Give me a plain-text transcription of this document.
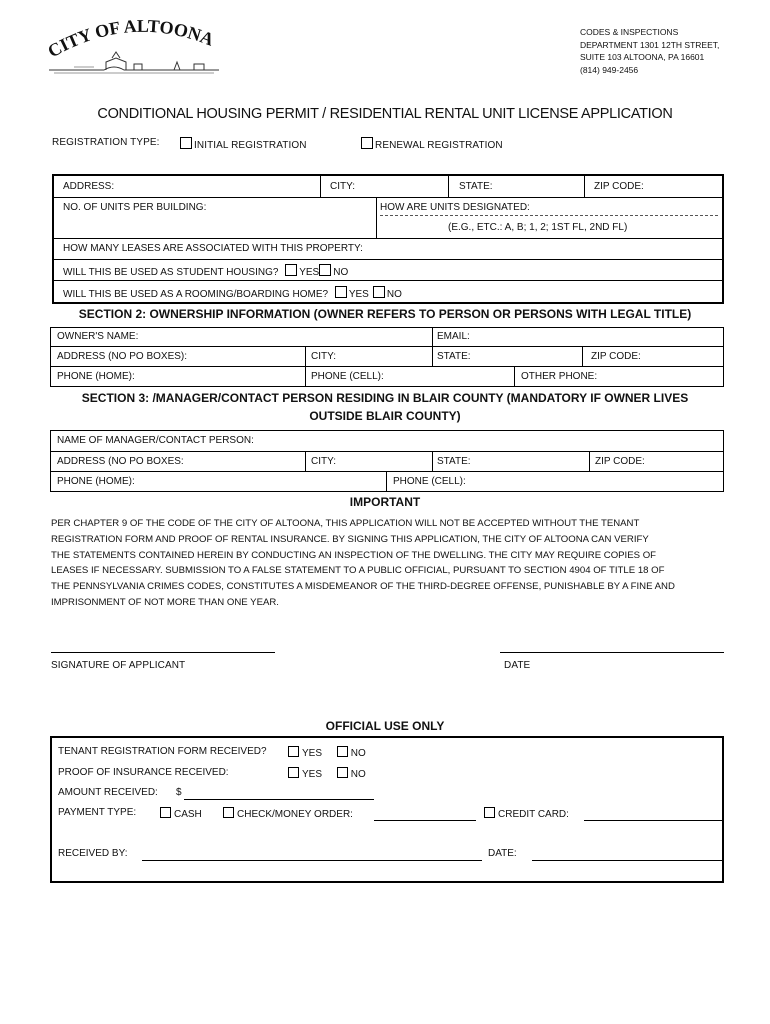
CITY OF ALTOONA	CODES & INSPECTIONS
DEPARTMENT 1301 12TH STREET,
SUITE 103 ALTOONA, PA 16601
(814) 949-2456
CONDITIONAL HOUSING PERMIT / RESIDENTIAL RENTAL UNIT LICENSE APPLICATION
REGISTRATION TYPE:	INITIAL REGISTRATION	RENEWAL REGISTRATION
ADDRESS:	CITY:	STATE:	ZIP CODE:
NO. OF UNITS PER BUILDING:	HOW ARE UNITS DESIGNATED:
(E.G., ETC.: A, B; 1, 2; 1ST FL, 2ND FL)
HOW MANY LEASES ARE ASSOCIATED WITH THIS PROPERTY:
WILL THIS BE USED AS STUDENT HOUSING? YES NO
WILL THIS BE USED AS A ROOMING/BOARDING HOME? YES NO
SECTION 2: OWNERSHIP INFORMATION (OWNER REFERS TO PERSON OR PERSONS WITH LEGAL TITLE)
OWNER'S NAME:	EMAIL:
ADDRESS (NO PO BOXES):	CITY:	STATE:	ZIP CODE:
PHONE (HOME):	PHONE (CELL):	OTHER PHONE:
SECTION 3: /MANAGER/CONTACT PERSON RESIDING IN BLAIR COUNTY (MANDATORY IF OWNER LIVES
OUTSIDE BLAIR COUNTY)
NAME OF MANAGER/CONTACT PERSON:
ADDRESS (NO PO BOXES:	CITY:	STATE:	ZIP CODE:
PHONE (HOME):	PHONE (CELL):
IMPORTANT
PER CHAPTER 9 OF THE CODE OF THE CITY OF ALTOONA, THIS APPLICATION WILL NOT BE ACCEPTED WITHOUT THE TENANT
REGISTRATION FORM AND PROOF OF RENTAL INSURANCE. BY SIGNING THIS APPLICATION, THE CITY OF ALTOONA CAN VERIFY
THE STATEMENTS CONTAINED HEREIN BY CONDUCTING AN INSPECTION OF THE DWELLING. THE CITY MAY REQUIRE COPIES OF
LEASES IF NECESSARY. SUBMISSION TO A FALSE STATEMENT TO A PUBLIC OFFICIAL, PURSUANT TO SECTION 4904 OF TITLE 18 OF
THE PENNSYLVANIA CRIMES CODES, CONSTITUTES A MISDEMEANOR OF THE THIRD-DEGREE OFFENSE, PUNISHABLE BY A FINE AND
IMPRISONMENT OF NOT MORE THAN ONE YEAR.
SIGNATURE OF APPLICANT	DATE
OFFICIAL USE ONLY
TENANT REGISTRATION FORM RECEIVED?	YES	NO
PROOF OF INSURANCE RECEIVED:	YES	NO
AMOUNT RECEIVED: $
PAYMENT TYPE:	CASH	CHECK/MONEY ORDER:	CREDIT CARD:
RECEIVED BY:	DATE:
